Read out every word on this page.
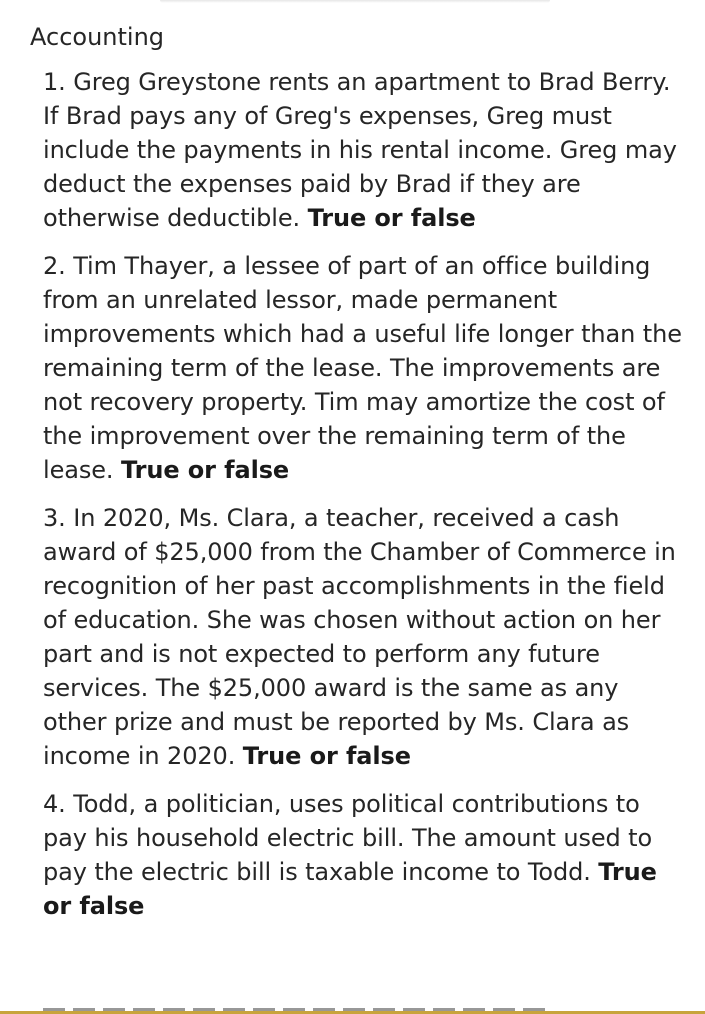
Accounting

1. Greg Greystone rents an apartment to Brad Berry. If Brad pays any of Greg's expenses, Greg must include the payments in his rental income. Greg may deduct the expenses paid by Brad if they are otherwise deductible. True or false

2. Tim Thayer, a lessee of part of an office building from an unrelated lessor, made permanent improvements which had a useful life longer than the remaining term of the lease. The improvements are not recovery property. Tim may amortize the cost of the improvement over the remaining term of the lease. True or false

3. In 2020, Ms. Clara, a teacher, received a cash award of $25,000 from the Chamber of Commerce in recognition of her past accomplishments in the field of education. She was chosen without action on her part and is not expected to perform any future services. The $25,000 award is the same as any other prize and must be reported by Ms. Clara as income in 2020. True or false

4. Todd, a politician, uses political contributions to pay his household electric bill. The amount used to pay the electric bill is taxable income to Todd. True or false
